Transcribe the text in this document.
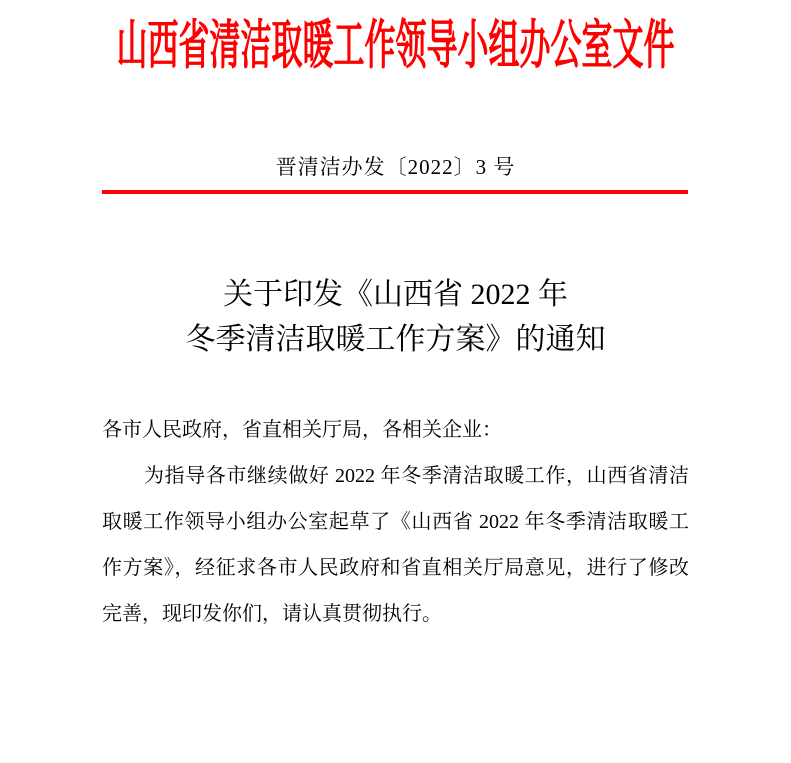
山西省清洁取暖工作领导小组办公室文件
晋清洁办发〔2022〕3 号
关于印发《山西省 2022 年
冬季清洁取暖工作方案》的通知
各市人民政府，省直相关厅局，各相关企业：
为指导各市继续做好 2022 年冬季清洁取暖工作，山西省清洁
取暖工作领导小组办公室起草了《山西省 2022 年冬季清洁取暖工
作方案》，经征求各市人民政府和省直相关厅局意见，进行了修改
完善，现印发你们，请认真贯彻执行。
